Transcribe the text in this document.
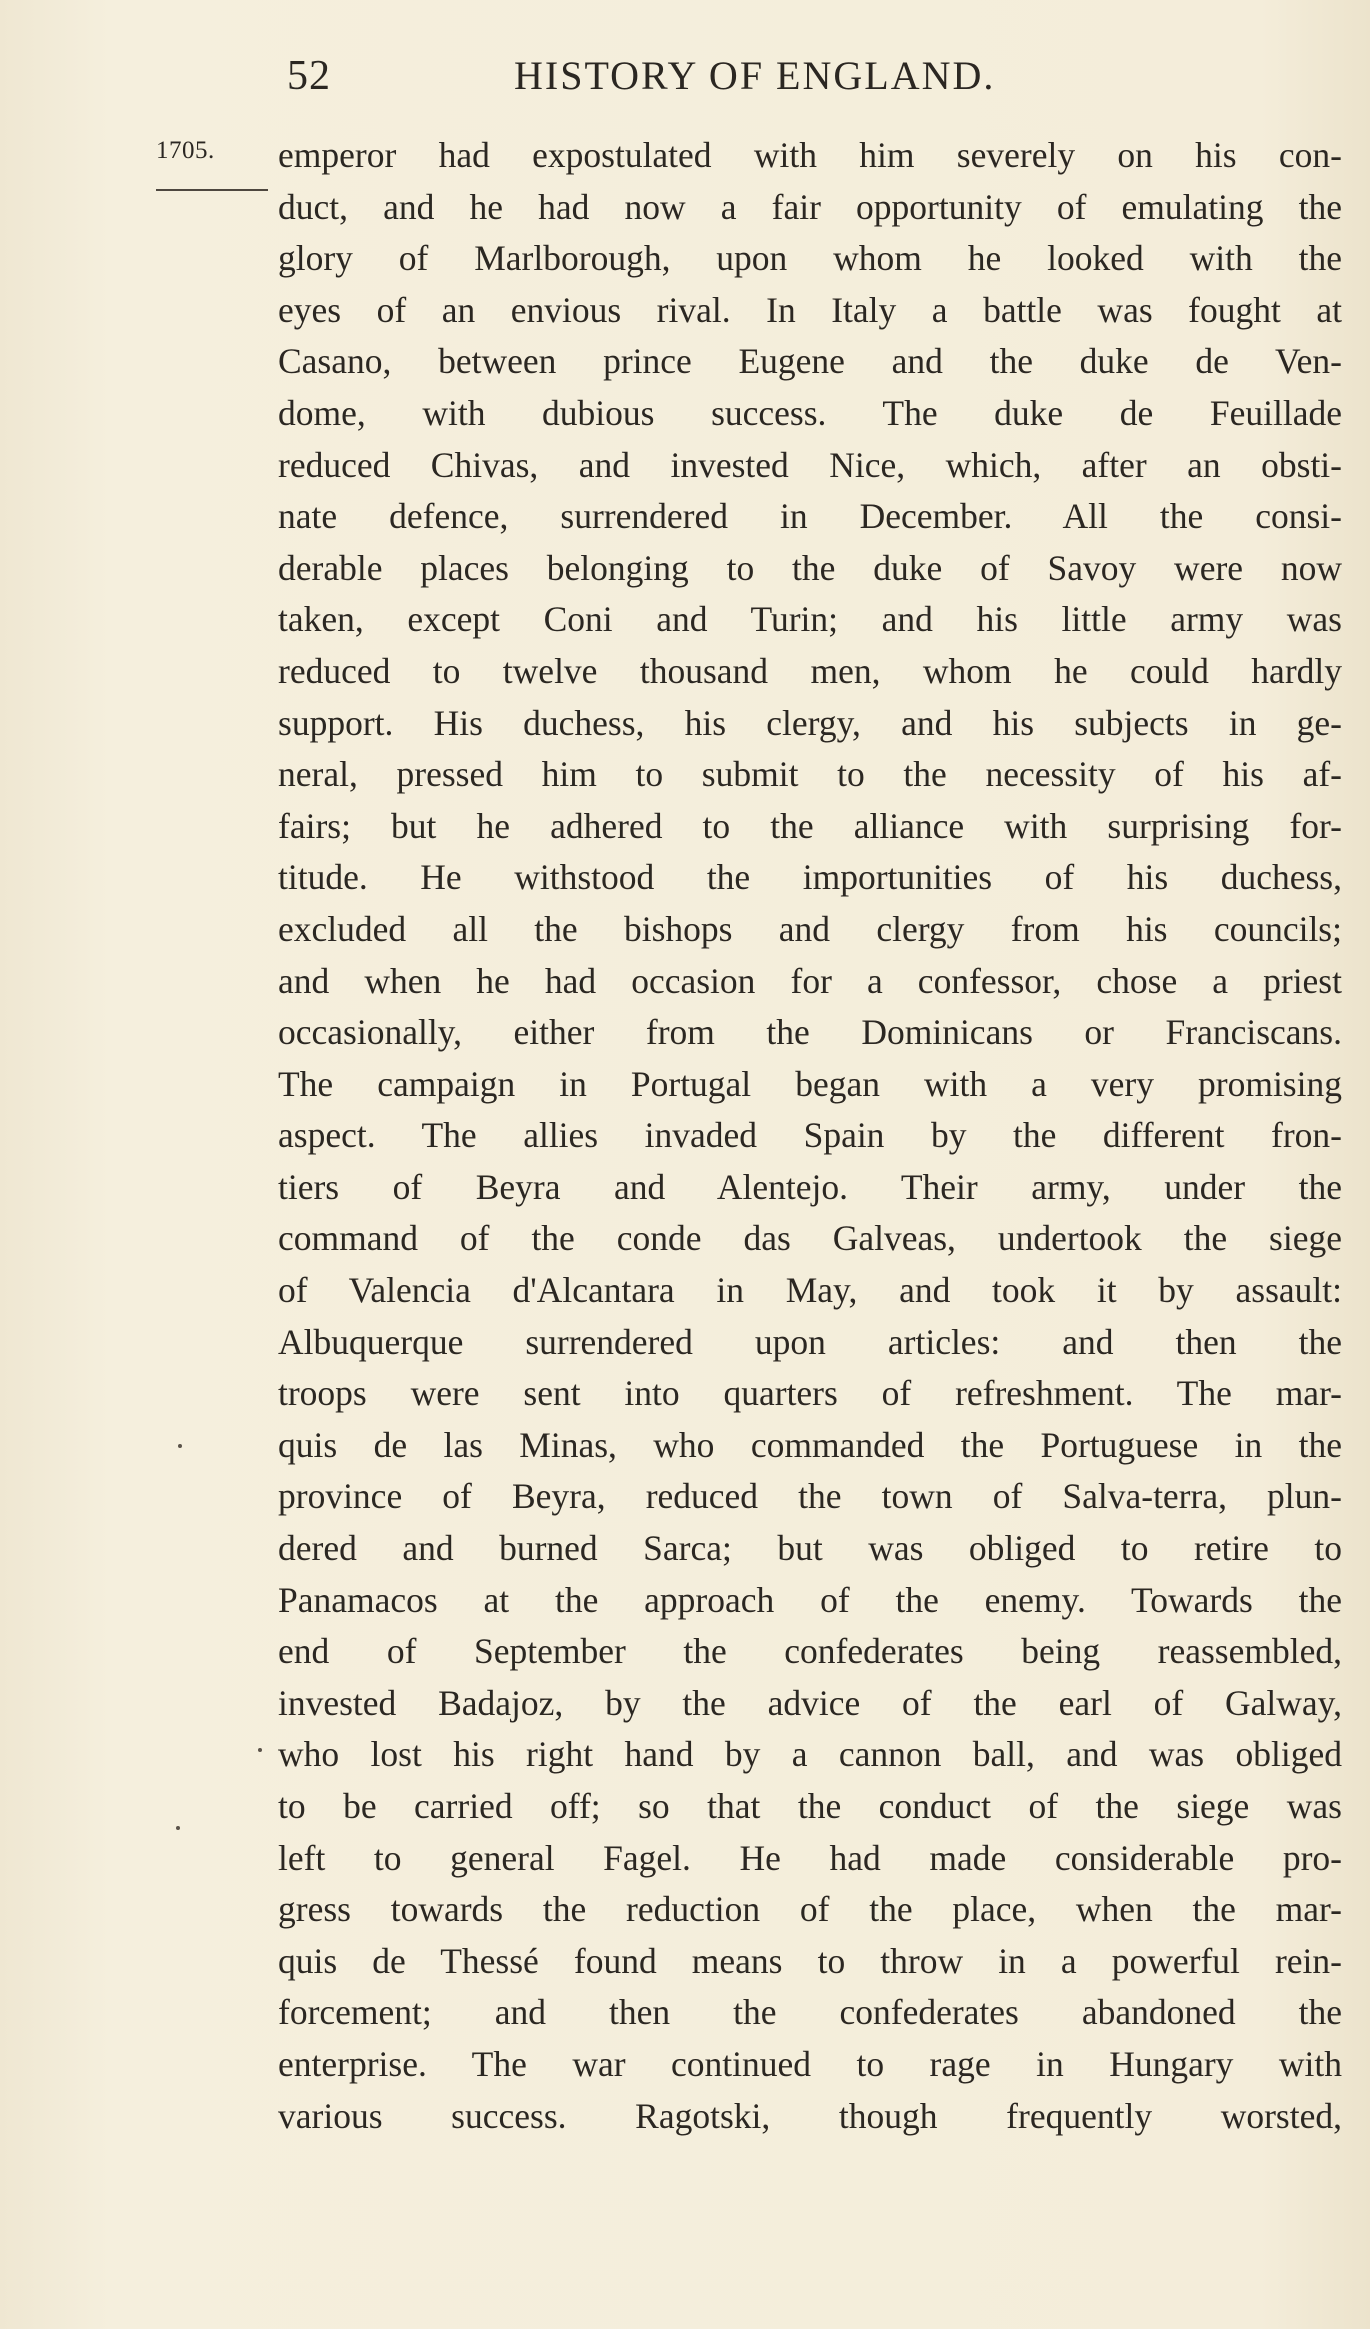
52	HISTORY OF ENGLAND.
1705. emperor had expostulated with him severely on his con-
duct, and he had now a fair opportunity of emulating the
glory of Marlborough, upon whom he looked with the
eyes of an envious rival. In Italy a battle was fought at
Casano, between prince Eugene and the duke de Ven-
dome, with dubious success. The duke de Feuillade
reduced Chivas, and invested Nice, which, after an obsti-
nate defence, surrendered in December. All the consi-
derable places belonging to the duke of Savoy were now
taken, except Coni and Turin; and his little army was
reduced to twelve thousand men, whom he could hardly
support. His duchess, his clergy, and his subjects in ge-
neral, pressed him to submit to the necessity of his af-
fairs; but he adhered to the alliance with surprising for-
titude. He withstood the importunities of his duchess,
excluded all the bishops and clergy from his councils;
and when he had occasion for a confessor, chose a priest
occasionally, either from the Dominicans or Franciscans.
The campaign in Portugal began with a very promising
aspect. The allies invaded Spain by the different fron-
tiers of Beyra and Alentejo. Their army, under the
command of the conde das Galveas, undertook the siege
of Valencia d'Alcantara in May, and took it by assault:
Albuquerque surrendered upon articles: and then the
troops were sent into quarters of refreshment. The mar-
quis de las Minas, who commanded the Portuguese in the
province of Beyra, reduced the town of Salva-terra, plun-
dered and burned Sarca; but was obliged to retire to
Panamacos at the approach of the enemy. Towards the
end of September the confederates being reassembled,
invested Badajoz, by the advice of the earl of Galway,
who lost his right hand by a cannon ball, and was obliged
to be carried off; so that the conduct of the siege was
left to general Fagel. He had made considerable pro-
gress towards the reduction of the place, when the mar-
quis de Thessé found means to throw in a powerful rein-
forcement; and then the confederates abandoned the
enterprise. The war continued to rage in Hungary with
various success. Ragotski, though frequently worsted,
